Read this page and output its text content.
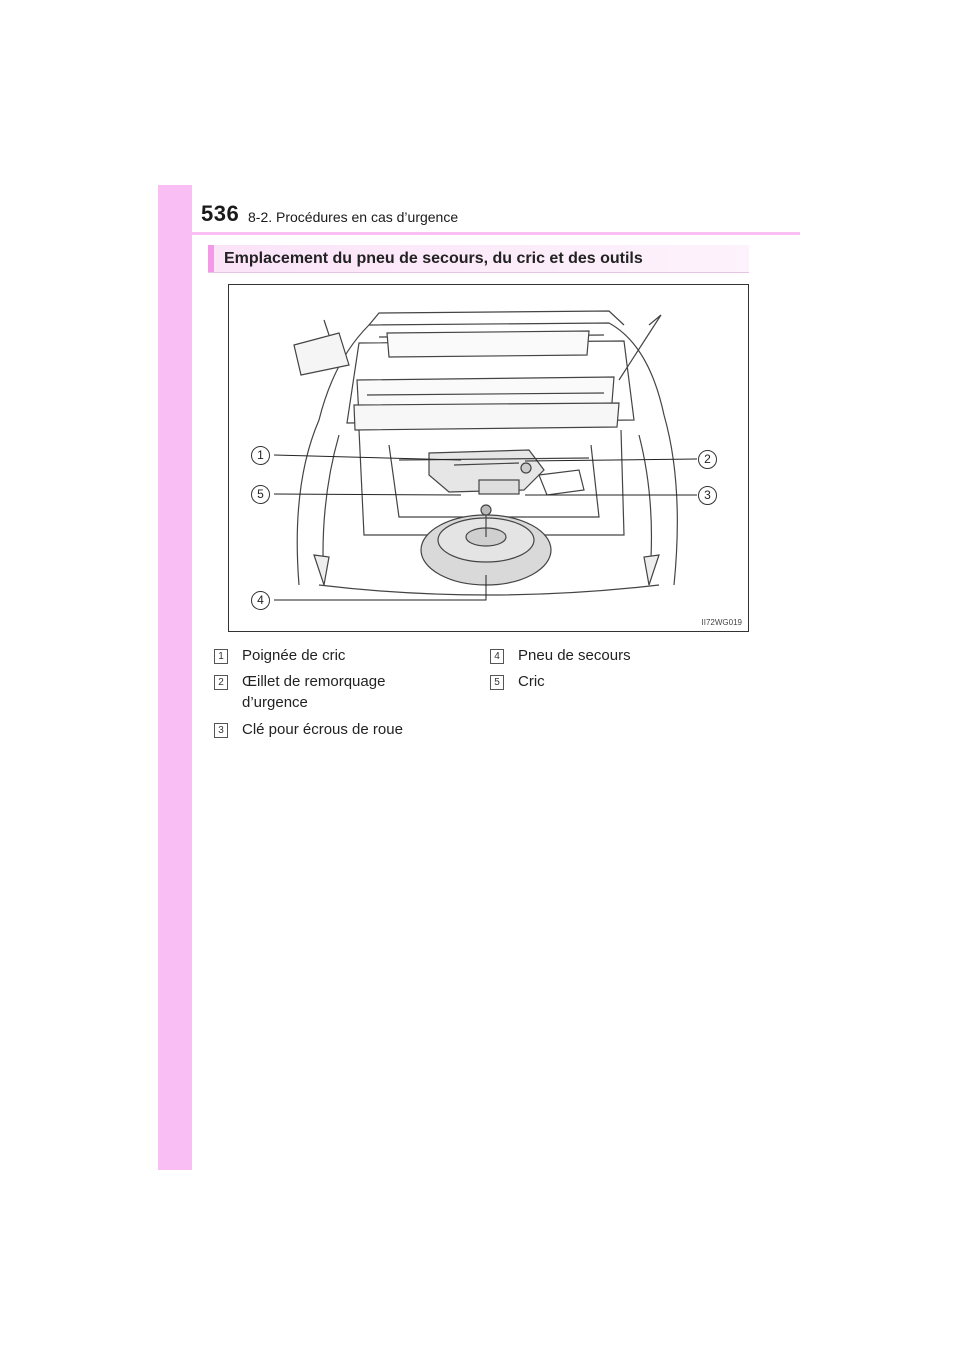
536 8-2. Procédures en cas d’urgence
Emplacement du pneu de secours, du cric et des outils
1	2
3
4
5
II72WG019
1 Poignée de cric
2 Œillet de remorquage d’urgence
3 Clé pour écrous de roue
4 Pneu de secours
5 Cric
